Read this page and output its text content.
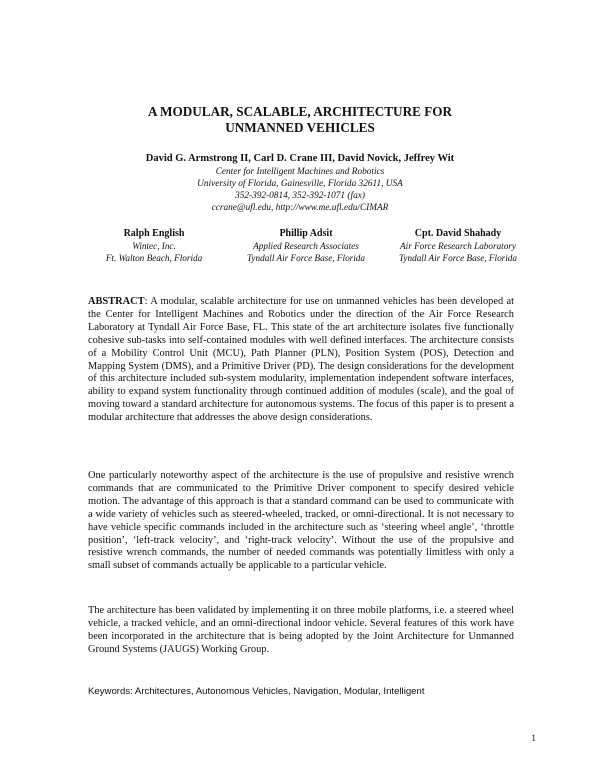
A MODULAR, SCALABLE, ARCHITECTURE FOR
UNMANNED VEHICLES

David G. Armstrong II, Carl D. Crane III, David Novick, Jeffrey Wit

Center for Intelligent Machines and Robotics

University of Florida, Gainesville, Florida 32611, USA

352-392-0814, 352-392-1071 (fax)

ccrane@ufl.edu, http://www.me.ufl.edu/CIMAR

Ralph English

Wintec, Inc.

Ft. Walton Beach, Florida

Phillip Adsit

Applied Research Associates

Tyndall Air Force Base, Florida

Cpt. David Shahady

Air Force Research Laboratory

Tyndall Air Force Base, Florida

ABSTRACT: A modular, scalable architecture for use on unmanned vehicles has been developed at the Center for Intelligent Machines and Robotics under the direction of the Air Force Research Laboratory at Tyndall Air Force Base, FL. This state of the art architecture isolates five functionally cohesive sub-tasks into self-contained modules with well defined interfaces. The architecture consists of a Mobility Control Unit (MCU), Path Planner (PLN), Position System (POS), Detection and Mapping System (DMS), and a Primitive Driver (PD). The design considerations for the development of this architecture included sub-system modularity, implementation independent software interfaces, ability to expand system functionality through continued addition of modules (scale), and the goal of moving toward a standard architecture for autonomous systems. The focus of this paper is to present a modular architecture that addresses the above design considerations.

One particularly noteworthy aspect of the architecture is the use of propulsive and resistive wrench commands that are communicated to the Primitive Driver component to specify desired vehicle motion. The advantage of this approach is that a standard command can be used to communicate with a wide variety of vehicles such as steered-wheeled, tracked, or omni-directional. It is not necessary to have vehicle specific commands included in the architecture such as ‘steering wheel angle’, ‘throttle position’, ‘left-track velocity’, and ‘right-track velocity’. Without the use of the propulsive and resistive wrench commands, the number of needed commands was potentially limitless with only a small subset of commands actually be applicable to a particular vehicle.

The architecture has been validated by implementing it on three mobile platforms, i.e. a steered wheel vehicle, a tracked vehicle, and an omni-directional indoor vehicle. Several features of this work have been incorporated in the architecture that is being adopted by the Joint Architecture for Unmanned Ground Systems (JAUGS) Working Group.

Keywords: Architectures, Autonomous Vehicles, Navigation, Modular, Intelligent

1
